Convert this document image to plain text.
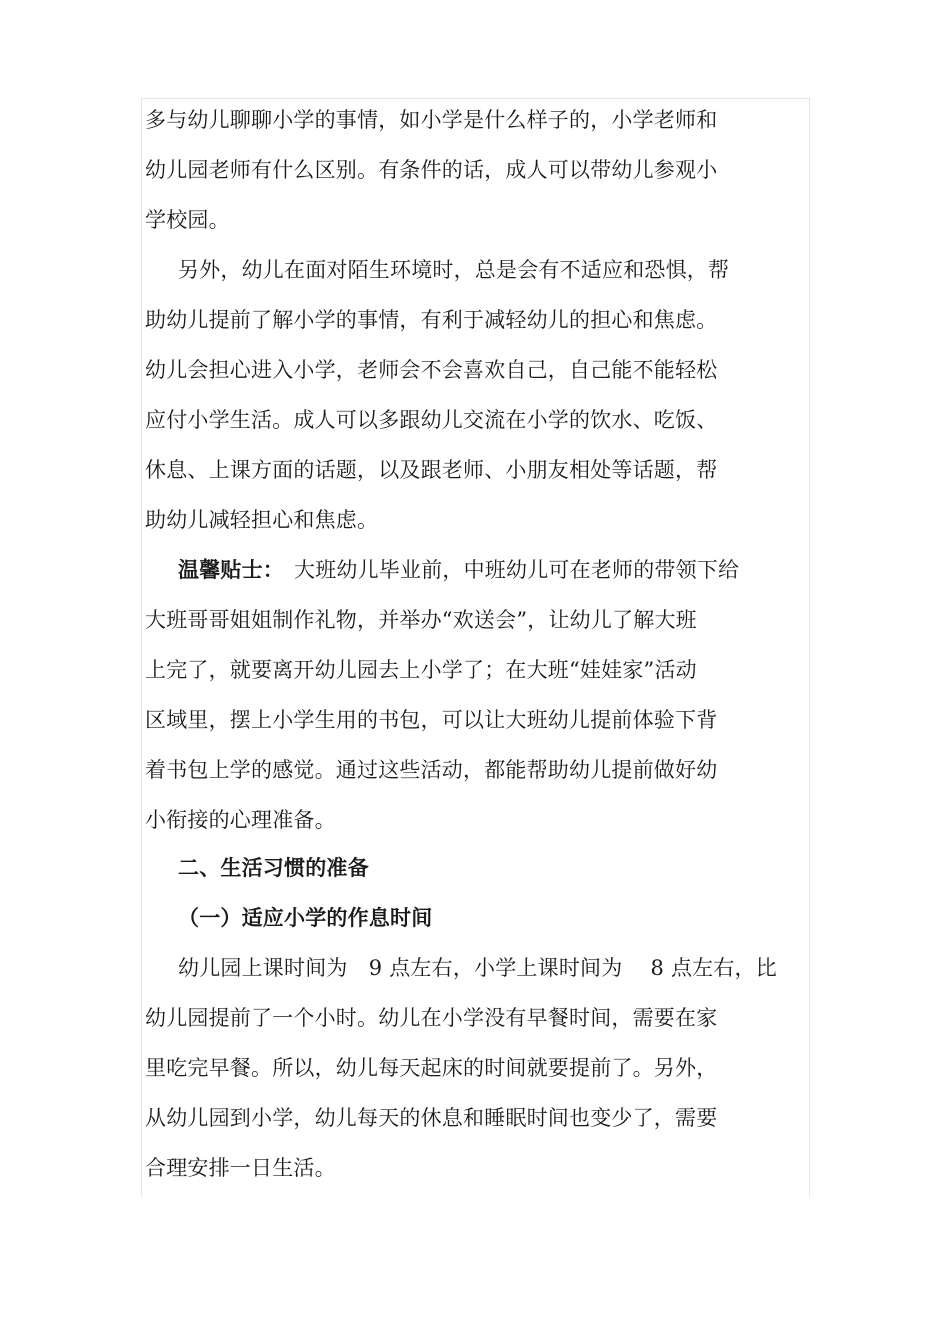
多与幼儿聊聊小学的事情，如小学是什么样子的，小学老师和
幼儿园老师有什么区别。有条件的话，成人可以带幼儿参观小
学校园。
另外，幼儿在面对陌生环境时，总是会有不适应和恐惧，帮
助幼儿提前了解小学的事情，有利于减轻幼儿的担心和焦虑。
幼儿会担心进入小学，老师会不会喜欢自己，自己能不能轻松
应付小学生活。成人可以多跟幼儿交流在小学的饮水、吃饭、
休息、上课方面的话题，以及跟老师、小朋友相处等话题，帮
助幼儿减轻担心和焦虑。
温馨贴士： 大班幼儿毕业前，中班幼儿可在老师的带领下给
大班哥哥姐姐制作礼物，并举办“欢送会”，让幼儿了解大班
上完了，就要离开幼儿园去上小学了；在大班“娃娃家”活动
区域里，摆上小学生用的书包，可以让大班幼儿提前体验下背
着书包上学的感觉。通过这些活动，都能帮助幼儿提前做好幼
小衔接的心理准备。
二、生活习惯的准备
（一）适应小学的作息时间
幼儿园上课时间为　9 点左右，小学上课时间为　 8 点左右，比
幼儿园提前了一个小时。幼儿在小学没有早餐时间，需要在家
里吃完早餐。所以，幼儿每天起床的时间就要提前了。另外，
从幼儿园到小学，幼儿每天的休息和睡眠时间也变少了，需要
合理安排一日生活。
